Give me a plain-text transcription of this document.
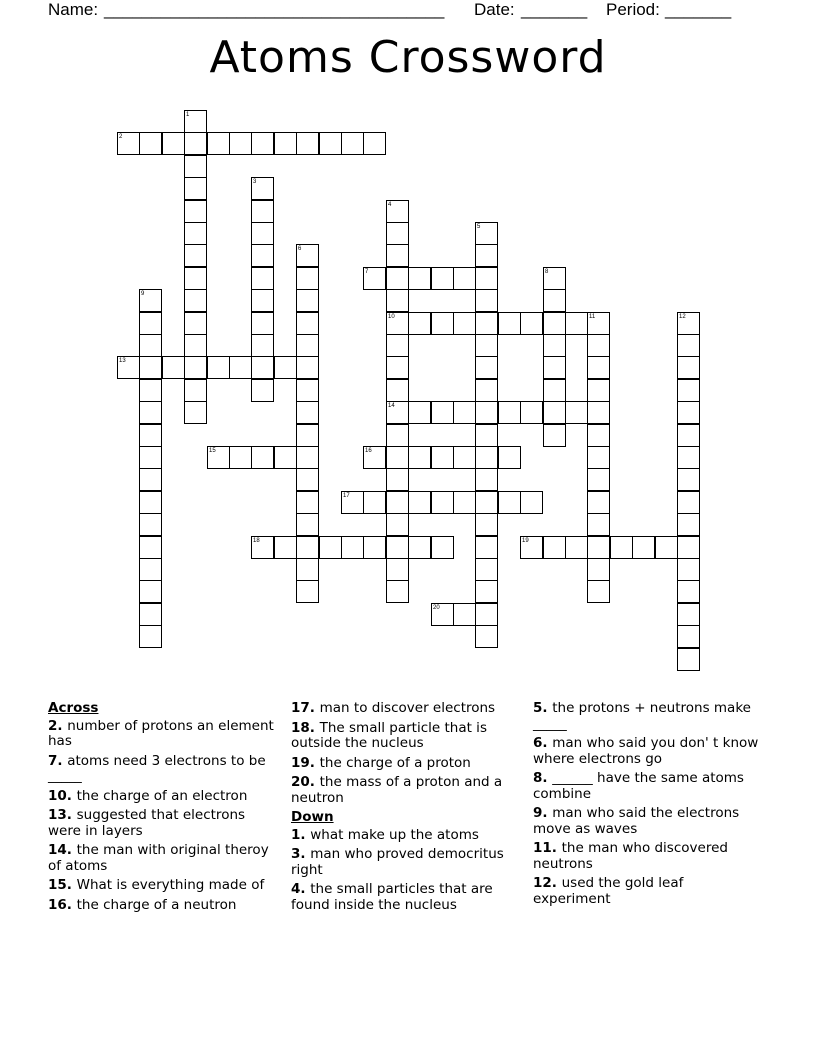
Name: ____________________________________ Date: _______ Period: _______
Atoms Crossword
1
2
3
4
5
6
7	8
9
10	11	12
13
14
15	16
17
18	19
20
Across
2. number of protons an element has
7. atoms need 3 electrons to be _____
10. the charge of an electron
13. suggested that electrons were in layers
14. the man with original theroy of atoms
15. What is everything made of
16. the charge of a neutron
17. man to discover electrons
18. The small particle that is outside the nucleus
19. the charge of a proton
20. the mass of a proton and a neutron
Down
1. what make up the atoms
3. man who proved democritus right
4. the small particles that are found inside the nucleus
5. the protons + neutrons make _____
6. man who said you don' t know where electrons go
8. ______ have the same atoms combine
9. man who said the electrons move as waves
11. the man who discovered neutrons
12. used the gold leaf experiment
